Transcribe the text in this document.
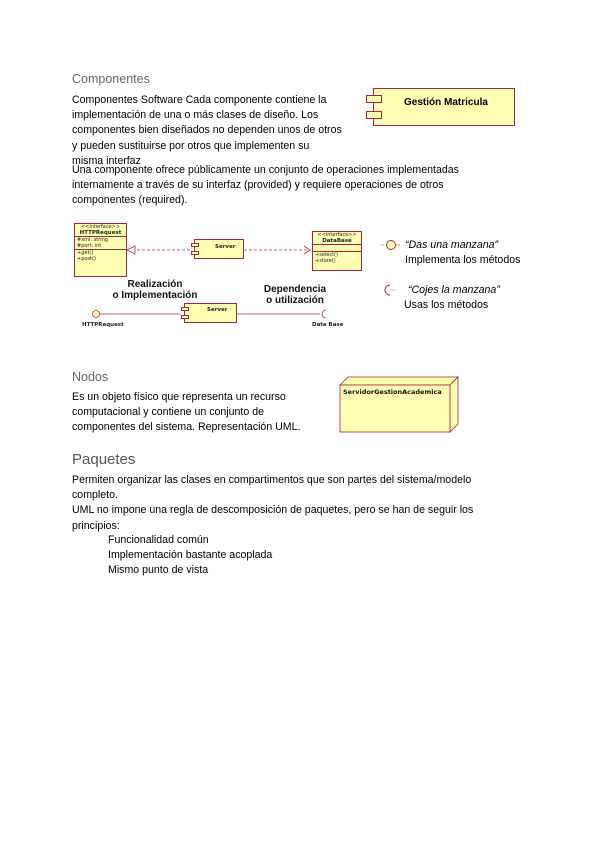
Componentes
Componentes Software Cada componente contiene la
implementación de una o más clases de diseño. Los
componentes bien diseñados no dependen unos de otros
y pueden sustituirse por otros que implementen su
misma interfaz
Gestión Matricula
Una componente ofrece públicamente un conjunto de operaciones implementadas
internamente a través de su interfaz (provided) y requiere operaciones de otros
componentes (required).
<<interface>>
HTTPRequest
#xml: string
#port: int
+get()
+post()
Server
<<interface>>
DataBase
+select()
+store()
Realización
o Implementación
Dependencia
o utilización
Server
HTTPRequest	Data Base
“Das una manzana”
Implementa los métodos
“Cojes la manzana”
Usas los métodos
Nodos
Es un objeto físico que representa un recurso
computacional y contiene un conjunto de
componentes del sistema. Representación UML.
ServidorGestionAcademica
Paquetes
Permiten organizar las clases en compartimentos que son partes del sistema/modelo
completo.
UML no impone una regla de descomposición de paquetes, pero se han de seguir los
principios:
Funcionalidad común
Implementación bastante acoplada
Mismo punto de vista
